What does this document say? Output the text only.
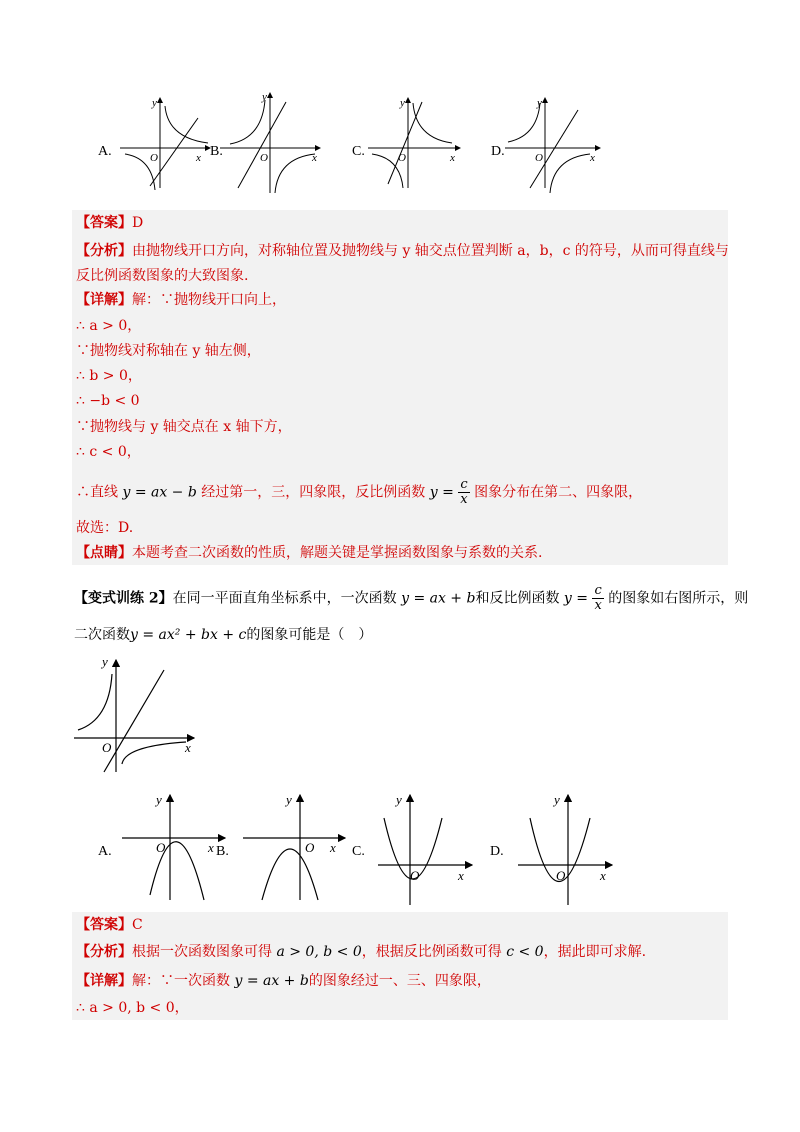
y
x
O
y
x
O
y
x
O
y
x
O
A.	B.	C.	D.
【答案】D
【分析】由抛物线开口方向，对称轴位置及抛物线与 y 轴交点位置判断 a，b，c 的符号，从而可得直线与
反比例函数图象的大致图象.
【详解】解：∵抛物线开口向上，
∴ a > 0，
∵抛物线对称轴在 y 轴左侧，
∴ b > 0，
∴ −b < 0
∵抛物线与 y 轴交点在 x 轴下方，
∴ c < 0，
∴直线 y = ax − b 经过第一，三，四象限，反比例函数 $y = \frac{c}{x}$ 图象分布在第二、四象限，
故选：D.
【点睛】本题考查二次函数的性质，解题关键是掌握函数图象与系数的关系.
【变式训练 2】在同一平面直角坐标系中，一次函数 y = ax + b和反比例函数 $y = \frac{c}{x}$ 的图象如右图所示，则
二次函数y = ax² + bx + c的图象可能是（　）
y
x
O
y
x
O
y
x
O
y
x
O
y
x
O
A.	B.	C.	D.
【答案】C
【分析】根据一次函数图象可得 a > 0, b < 0，根据反比例函数可得 c < 0，据此即可求解.
【详解】解：∵一次函数 y = ax + b的图象经过一、三、四象限，
∴ a > 0, b < 0，
